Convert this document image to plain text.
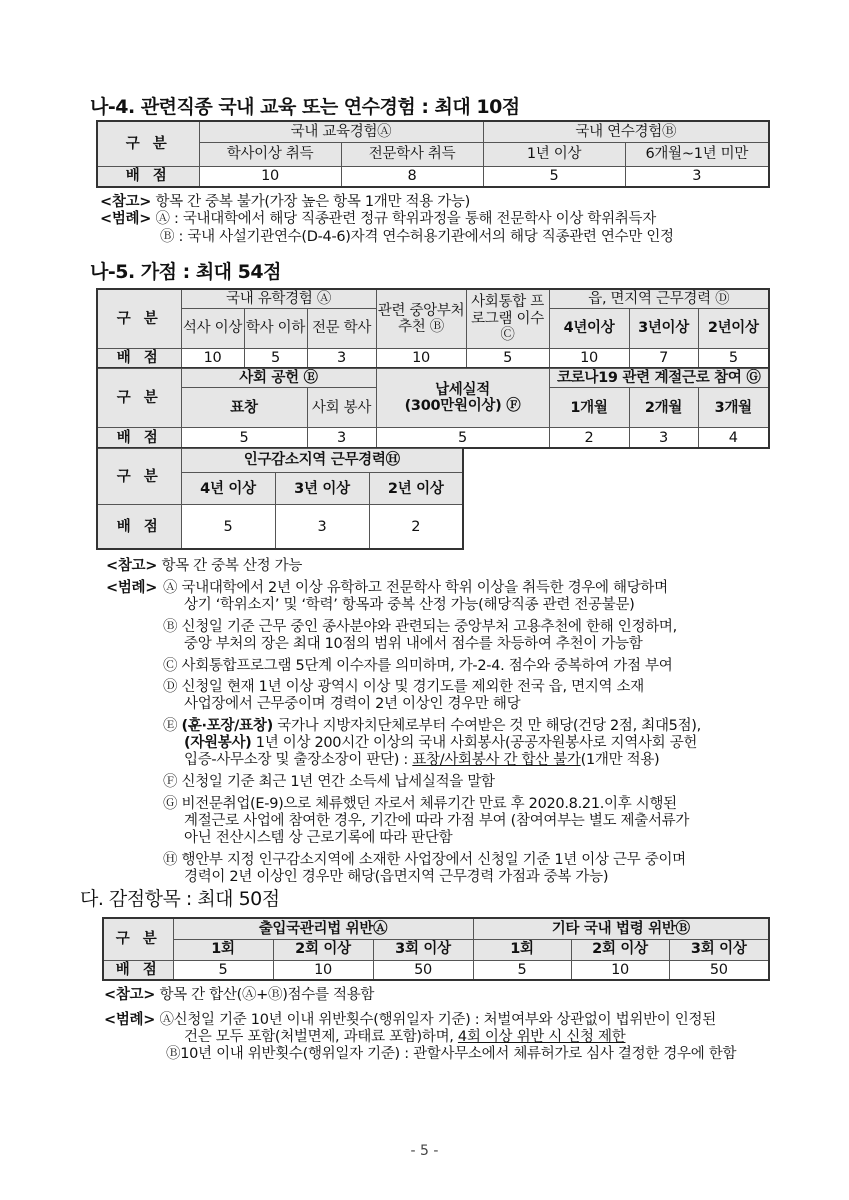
나-4. 관련직종 국내 교육 또는 연수경험 : 최대 10점
구 분	국내 교육경험Ⓐ		국내 연수경험Ⓑ	
	학사이상 취득	전문학사 취득	1년 이상	6개월~1년 미만
배 점	10	8	5	3
<참고> 항목 간 중복 불가(가장 높은 항목 1개만 적용 가능)
<범례> Ⓐ : 국내대학에서 해당 직종관련 정규 학위과정을 통해 전문학사 이상 학위취득자
Ⓑ : 국내 사설기관연수(D-4-6)자격 연수허용기관에서의 해당 직종관련 연수만 인정
나-5. 가점 : 최대 54점
구 분	국내 유학경험 Ⓐ			관련 중앙부처 추천 Ⓑ	사회통합 프로그램 이수 Ⓒ	읍, 면지역 근무경력 Ⓓ		
	석사 이상	학사 이하	전문 학사			4년이상	3년이상	2년이상
배 점	10	5	3	10	5	10	7	5
구 분	사회 공헌 Ⓔ		납세실적
(300만원이상) Ⓕ	코로나19 관련 계절근로 참여 Ⓖ		
	표창	사회 봉사		1개월	2개월	3개월
배 점	5	3	5	2	3	4
구 분	인구감소지역 근무경력Ⓗ		
	4년 이상	3년 이상	2년 이상
배 점	5	3	2
<참고> 항목 간 중복 산정 가능
<범례> Ⓐ 국내대학에서 2년 이상 유학하고 전문학사 학위 이상을 취득한 경우에 해당하며
상기 ‘학위소지’ 및 ‘학력’ 항목과 중복 산정 가능(해당직종 관련 전공불문)
Ⓑ 신청일 기준 근무 중인 종사분야와 관련되는 중앙부처 고용추천에 한해 인정하며,
중앙 부처의 장은 최대 10점의 범위 내에서 점수를 차등하여 추천이 가능함
Ⓒ 사회통합프로그램 5단계 이수자를 의미하며, 가-2-4. 점수와 중복하여 가점 부여
Ⓓ 신청일 현재 1년 이상 광역시 이상 및 경기도를 제외한 전국 읍, 면지역 소재
사업장에서 근무중이며 경력이 2년 이상인 경우만 해당
Ⓔ (훈·포장/표창) 국가나 지방자치단체로부터 수여받은 것 만 해당(건당 2점, 최대5점),
(자원봉사) 1년 이상 200시간 이상의 국내 사회봉사(공공자원봉사로 지역사회 공헌
입증-사무소장 및 출장소장이 판단) : 표창/사회봉사 간 합산 불가(1개만 적용)
Ⓕ 신청일 기준 최근 1년 연간 소득세 납세실적을 말함
Ⓖ 비전문취업(E-9)으로 체류했던 자로서 체류기간 만료 후 2020.8.21.이후 시행된
계절근로 사업에 참여한 경우, 기간에 따라 가점 부여 (참여여부는 별도 제출서류가
아닌 전산시스템 상 근로기록에 따라 판단함
Ⓗ 행안부 지정 인구감소지역에 소재한 사업장에서 신청일 기준 1년 이상 근무 중이며
경력이 2년 이상인 경우만 해당(읍면지역 근무경력 가점과 중복 가능)
다. 감점항목 : 최대 50점
구 분	출입국관리법 위반Ⓐ			기타 국내 법령 위반Ⓑ		
	1회	2회 이상	3회 이상	1회	2회 이상	3회 이상
배 점	5	10	50	5	10	50
<참고> 항목 간 합산(Ⓐ+Ⓑ)점수를 적용함
<범례> Ⓐ신청일 기준 10년 이내 위반횟수(행위일자 기준) : 처벌여부와 상관없이 법위반이 인정된
건은 모두 포함(처벌면제, 과태료 포함)하며, 4회 이상 위반 시 신청 제한
Ⓑ10년 이내 위반횟수(행위일자 기준) : 관할사무소에서 체류허가로 심사 결정한 경우에 한함
- 5 -
